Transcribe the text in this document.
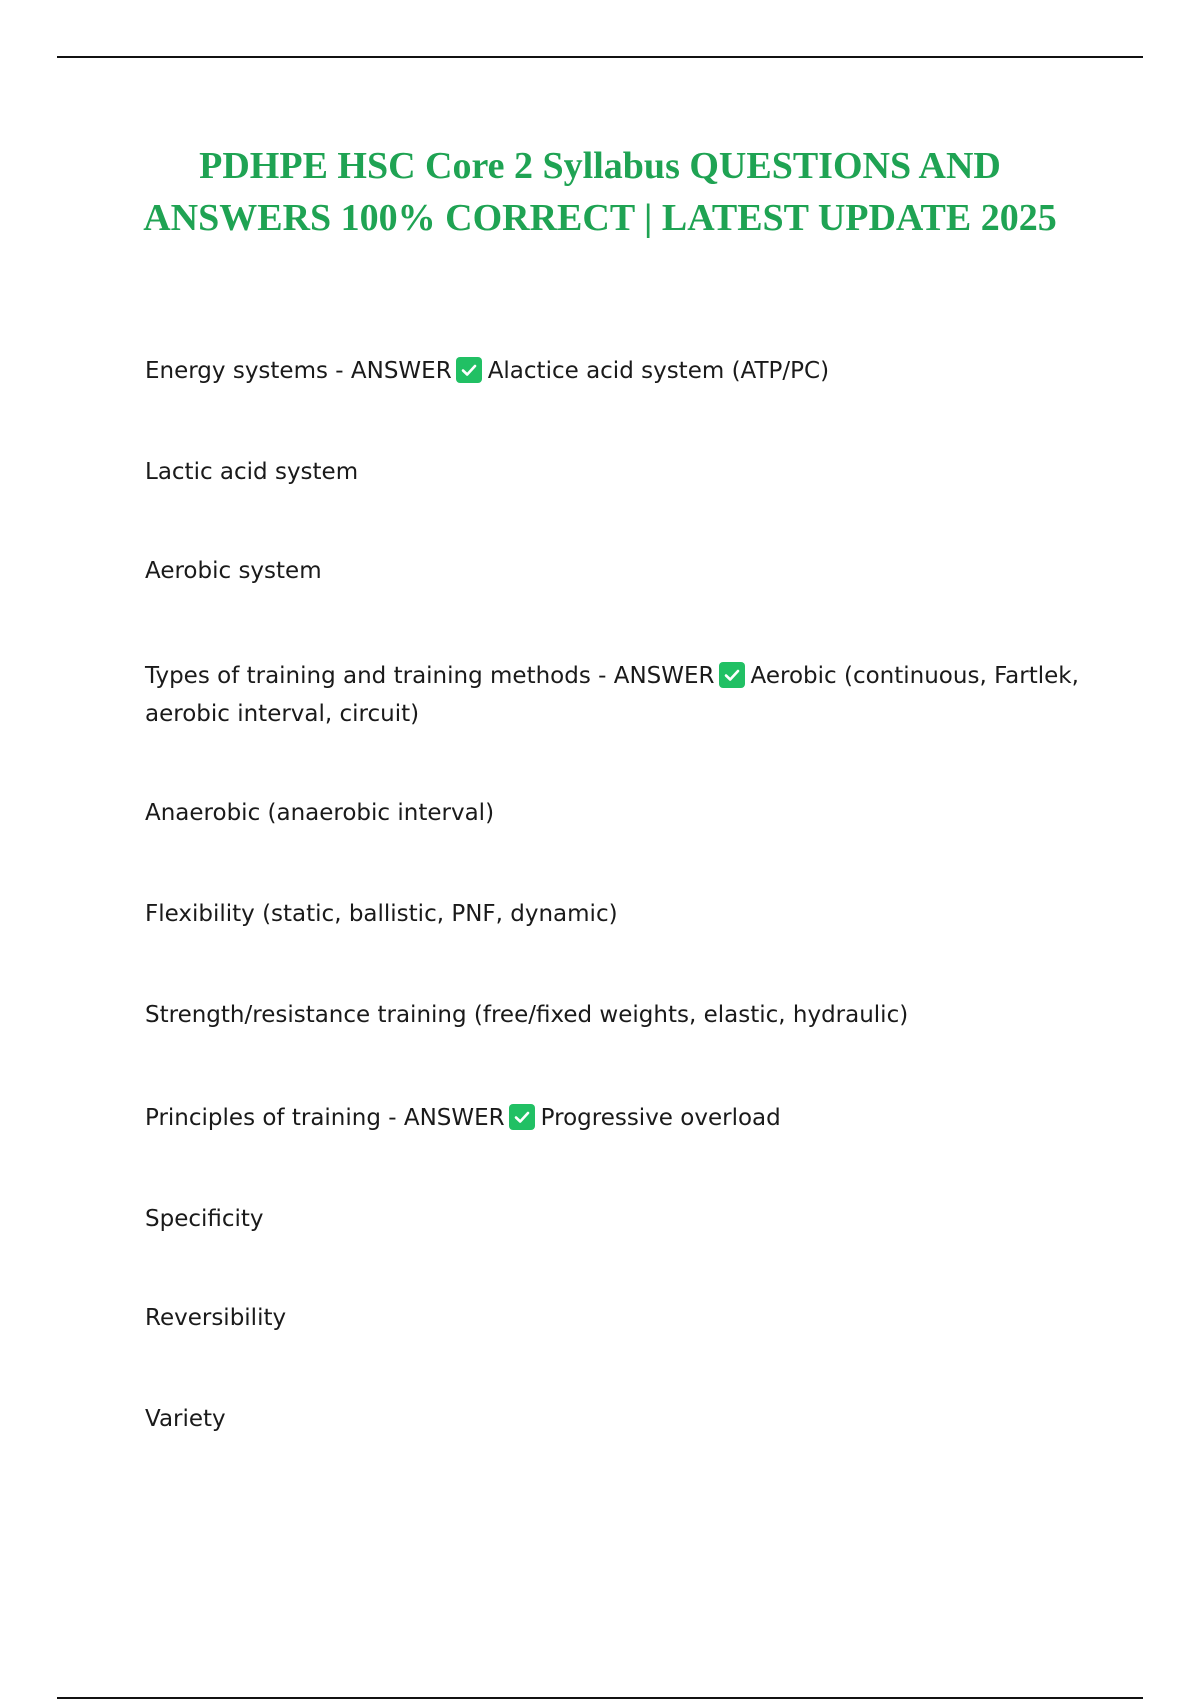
PDHPE HSC Core 2 Syllabus QUESTIONS AND ANSWERS 100% CORRECT | LATEST UPDATE 2025

Energy systems - ANSWER Alactice acid system (ATP/PC)

Lactic acid system

Aerobic system

Types of training and training methods - ANSWER Aerobic (continuous, Fartlek, aerobic interval, circuit)

Anaerobic (anaerobic interval)

Flexibility (static, ballistic, PNF, dynamic)

Strength/resistance training (free/fixed weights, elastic, hydraulic)

Principles of training - ANSWER Progressive overload

Specificity

Reversibility

Variety
